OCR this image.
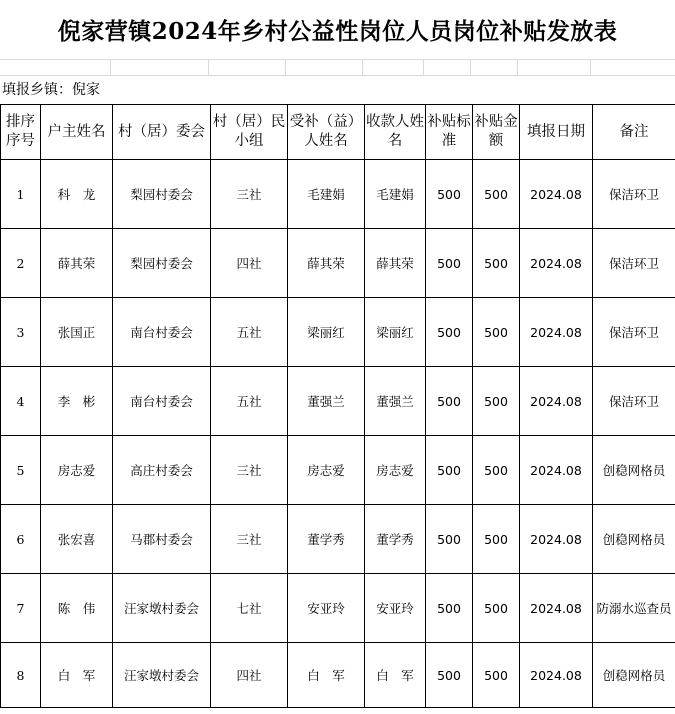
倪家营镇2024年乡村公益性岗位人员岗位补贴发放表
填报乡镇：倪家
排序序号	户主姓名	村（居）委会	村（居）民小组	受补（益）人姓名	收款人姓名	补贴标准	补贴金额	填报日期	备注
1	科　龙	梨园村委会	三社	毛建娟	毛建娟	500	500	2024.08	保洁环卫
2	薛其荣	梨园村委会	四社	薛其荣	薛其荣	500	500	2024.08	保洁环卫
3	张国正	南台村委会	五社	梁丽红	梁丽红	500	500	2024.08	保洁环卫
4	李　彬	南台村委会	五社	董强兰	董强兰	500	500	2024.08	保洁环卫
5	房志爱	高庄村委会	三社	房志爱	房志爱	500	500	2024.08	创稳网格员
6	张宏喜	马郡村委会	三社	董学秀	董学秀	500	500	2024.08	创稳网格员
7	陈　伟	汪家墩村委会	七社	安亚玲	安亚玲	500	500	2024.08	防溺水巡查员
8	白　军	汪家墩村委会	四社	白　军	白　军	500	500	2024.08	创稳网格员
